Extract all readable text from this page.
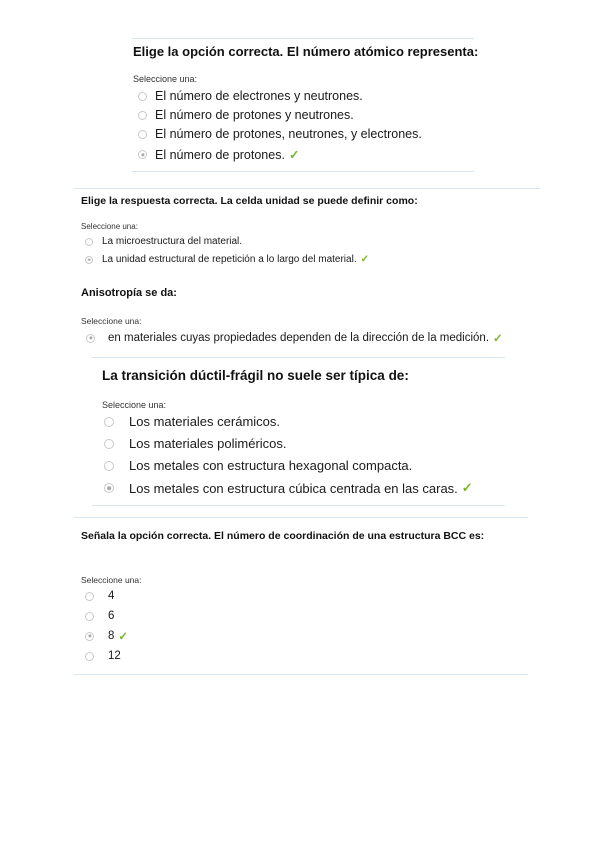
Elige la opción correcta. El número atómico representa:
Seleccione una:
El número de electrones y neutrones.
El número de protones y neutrones.
El número de protones, neutrones, y electrones.
El número de protones. ✓
Elige la respuesta correcta. La celda unidad se puede definir como:
Seleccione una:
La microestructura del material.
La unidad estructural de repetición a lo largo del material. ✓
Anisotropía se da:
Seleccione una:
en materiales cuyas propiedades dependen de la dirección de la medición. ✓
La transición dúctil-frágil no suele ser típica de:
Seleccione una:
Los materiales cerámicos.
Los materiales poliméricos.
Los metales con estructura hexagonal compacta.
Los metales con estructura cúbica centrada en las caras. ✓
Señala la opción correcta. El número de coordinación de una estructura BCC es:
Seleccione una:
4
6
8 ✓
12
